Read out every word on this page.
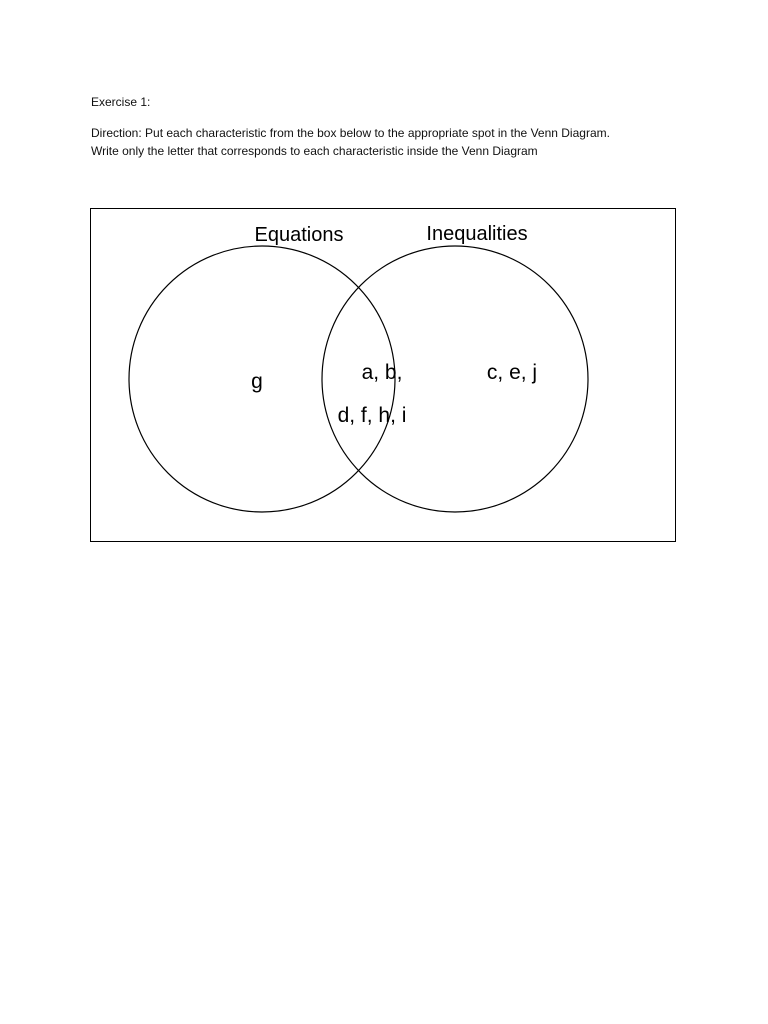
Exercise 1:
Direction: Put each characteristic from the box below to the appropriate spot in the Venn Diagram.
Write only the letter that corresponds to each characteristic inside the Venn Diagram
Equations	Inequalities
g	a, b,
d, f, h, i
c, e, j
